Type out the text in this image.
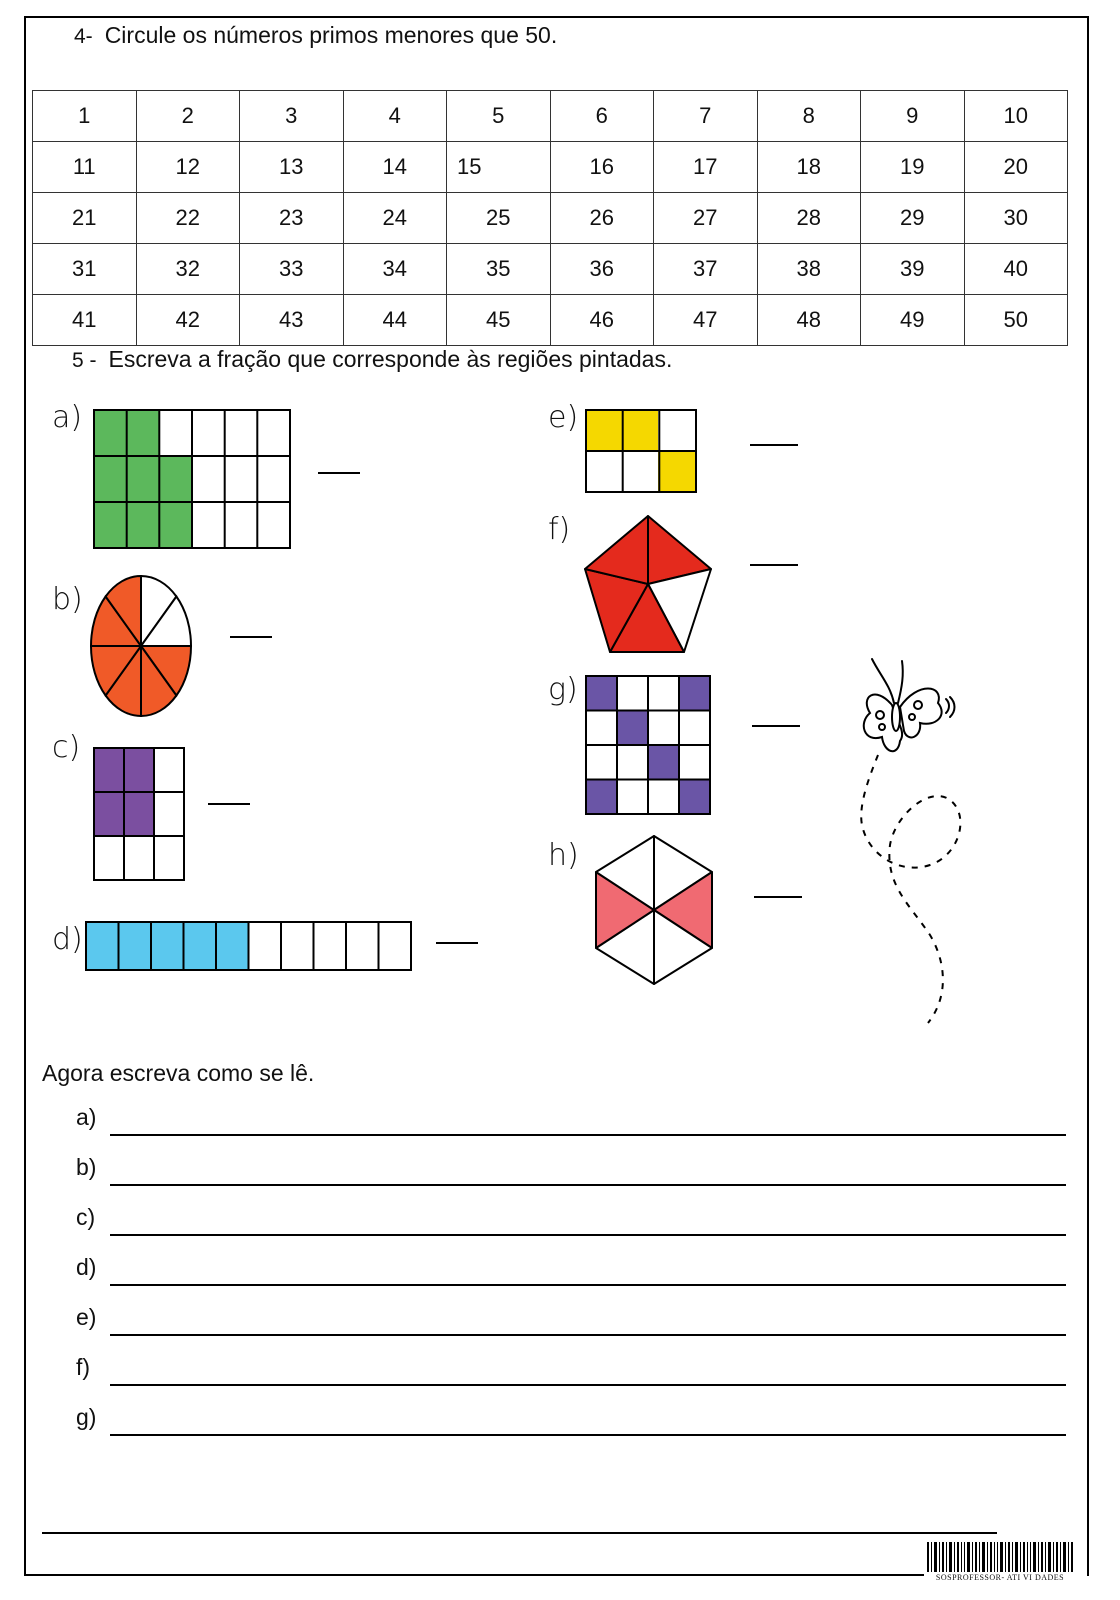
4- Circule os números primos menores que 50.
1	2	3	4	5	6	7	8	9	10
11	12	13	14	15	16	17	18	19	20
21	22	23	24	25	26	27	28	29	30
31	32	33	34	35	36	37	38	39	40
41	42	43	44	45	46	47	48	49	50
5 - Escreva a fração que corresponde às regiões pintadas.
a)
b)
c)
d)
e)
f)
g)
h)
Agora escreva como se lê.
a)
b)
c)
d)
e)
f)
g)
SOSPROFESSOR- ATI VI DADES
